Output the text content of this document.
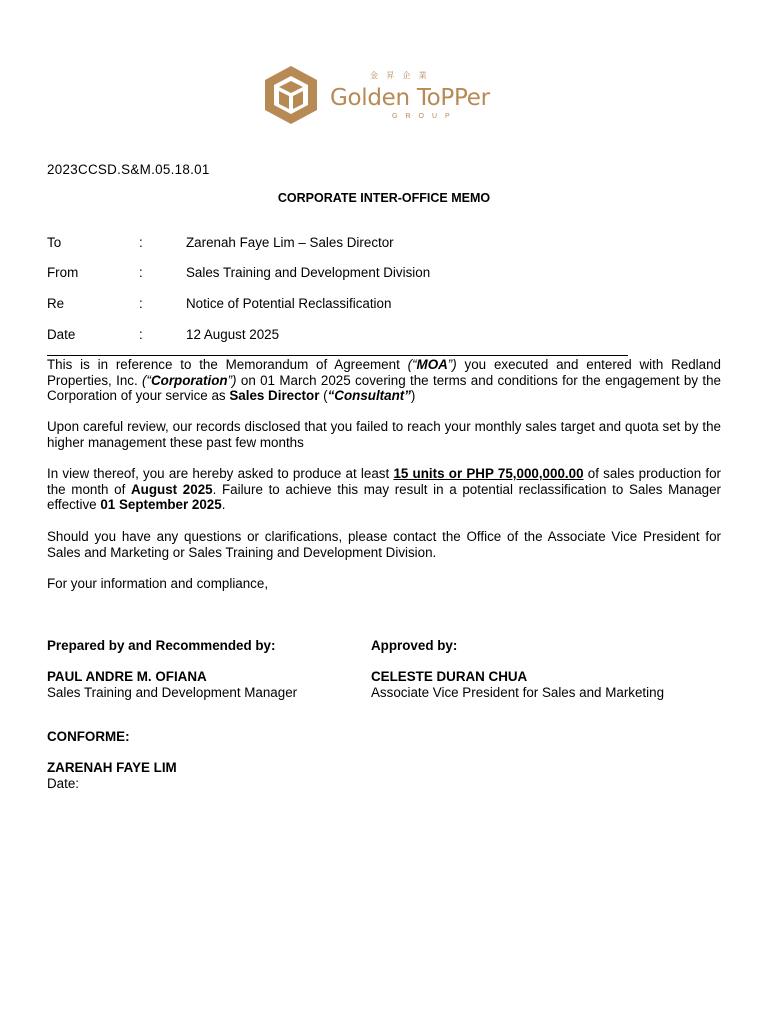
金 昇 企 業
Golden ToPPer
GROUP
2023CCSD.S&M.05.18.01
CORPORATE INTER-OFFICE MEMO
To	:	Zarenah Faye Lim – Sales Director
From	:	Sales Training and Development Division
Re	:	Notice of Potential Reclassification
Date	:	12 August 2025

This is in reference to the Memorandum of Agreement (“MOA”) you executed and entered with Redland Properties, Inc. (“Corporation”) on 01 March 2025 covering the terms and conditions for the engagement by the Corporation of your service as Sales Director (“Consultant”)

Upon careful review, our records disclosed that you failed to reach your monthly sales target and quota set by the higher management these past few months

In view thereof, you are hereby asked to produce at least 15 units or PHP 75,000,000.00 of sales production for the month of August 2025. Failure to achieve this may result in a potential reclassification to Sales Manager effective 01 September 2025.

Should you have any questions or clarifications, please contact the Office of the Associate Vice President for Sales and Marketing or Sales Training and Development Division.

For your information and compliance,

Prepared by and Recommended by:
PAUL ANDRE M. OFIANA
Sales Training and Development Manager
Approved by:
CELESTE DURAN CHUA
Associate Vice President for Sales and Marketing
CONFORME:
ZARENAH FAYE LIM
Date:
